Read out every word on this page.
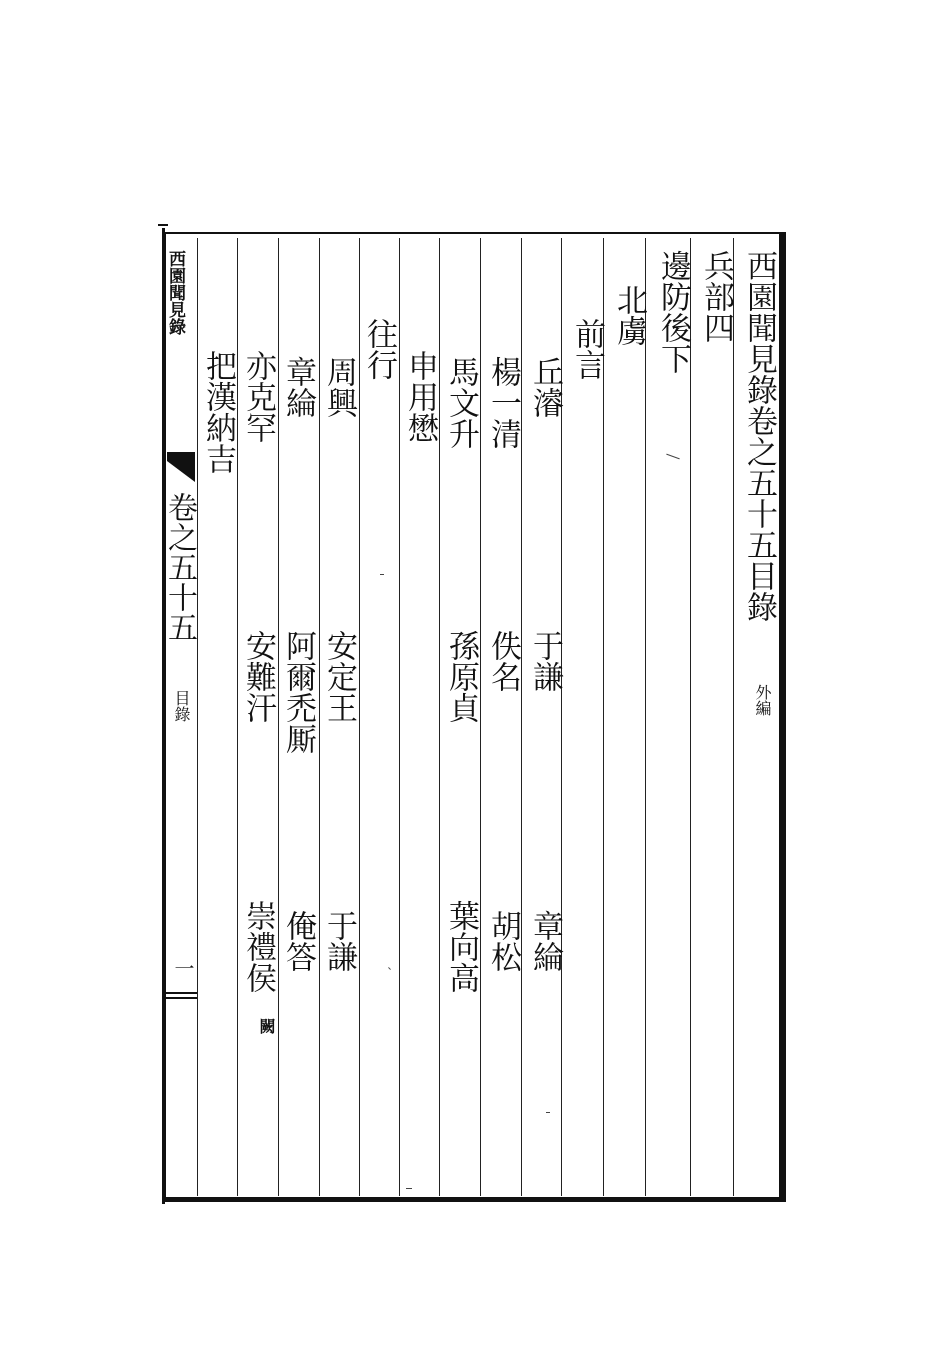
西園聞見錄
卷之五十五
目錄
一
西園聞見錄卷之五十五目錄
外編
兵部四
邊防後下
北虜
前言
丘濬
于謙
章綸
楊一清
佚名
胡松
馬文升
孫原貞
葉向高
申用懋
往行
周興
安定王
于謙
章綸
阿爾禿厮
俺答
亦克罕
安難汗
崇禮侯
闕
把漢納吉
